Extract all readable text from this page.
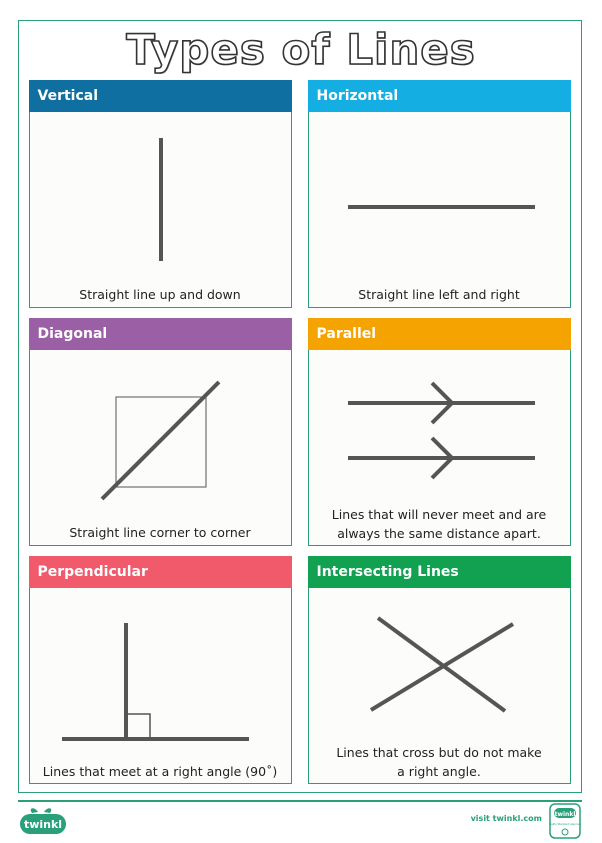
Types of Lines
Vertical
Straight line up and down
Horizontal
Straight line left and right
Diagonal
Straight line corner to corner
Parallel
Lines that will never meet and are
always the same distance apart.
Perpendicular
Lines that meet at a right angle (90˚)
Intersecting Lines
Lines that cross but do not make
a right angle.
twinkl	visit twinkl.com twinkl
Quality Standard Approved
